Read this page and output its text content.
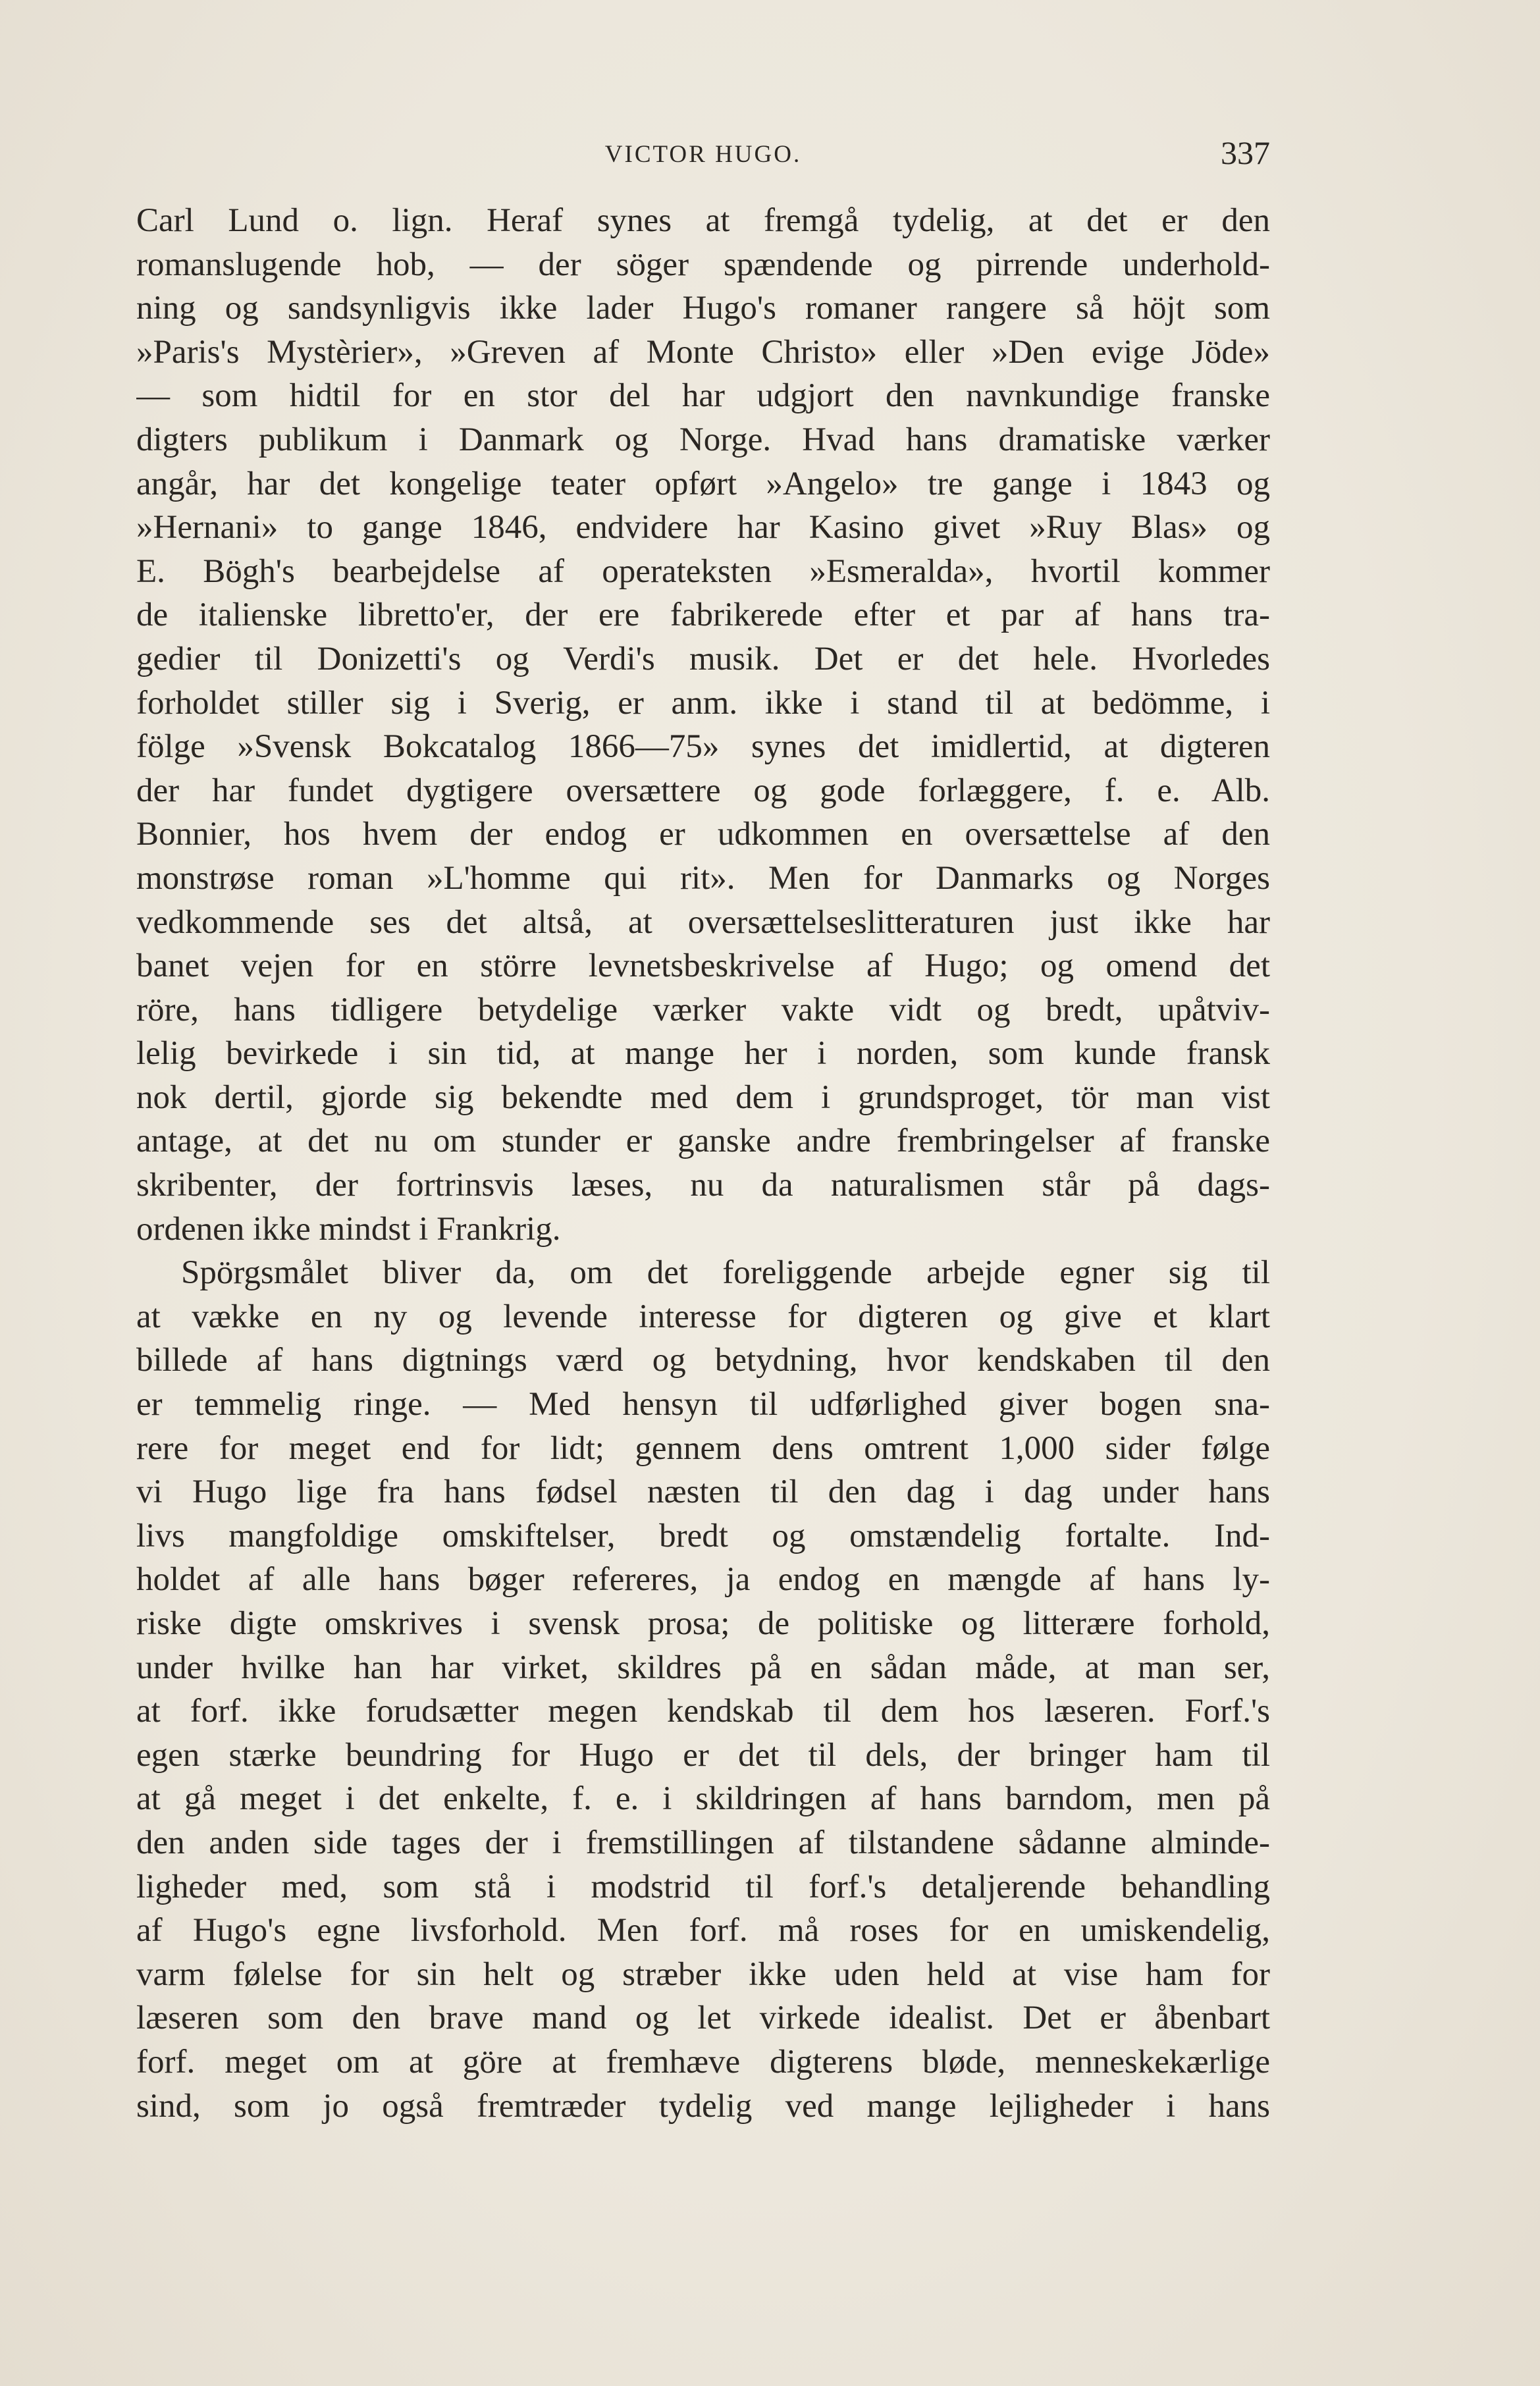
VICTOR HUGO.	337
Carl Lund o. lign. Heraf synes at fremgå tydelig, at det er den
romanslugende hob, — der söger spændende og pirrende underhold-
ning og sandsynligvis ikke lader Hugo's romaner rangere så höjt som
»Paris's Mystèrier», »Greven af Monte Christo» eller »Den evige Jöde»
— som hidtil for en stor del har udgjort den navnkundige franske
digters publikum i Danmark og Norge. Hvad hans dramatiske værker
angår, har det kongelige teater opført »Angelo» tre gange i 1843 og
»Hernani» to gange 1846, endvidere har Kasino givet »Ruy Blas» og
E. Bögh's bearbejdelse af operateksten »Esmeralda», hvortil kommer
de italienske libretto'er, der ere fabrikerede efter et par af hans tra-
gedier til Donizetti's og Verdi's musik. Det er det hele. Hvorledes
forholdet stiller sig i Sverig, er anm. ikke i stand til at bedömme, i
fölge »Svensk Bokcatalog 1866—75» synes det imidlertid, at digteren
der har fundet dygtigere oversættere og gode forlæggere, f. e. Alb.
Bonnier, hos hvem der endog er udkommen en oversættelse af den
monstrøse roman »L'homme qui rit». Men for Danmarks og Norges
vedkommende ses det altså, at oversættelseslitteraturen just ikke har
banet vejen for en större levnetsbeskrivelse af Hugo; og omend det
röre, hans tidligere betydelige værker vakte vidt og bredt, upåtviv-
lelig bevirkede i sin tid, at mange her i norden, som kunde fransk
nok dertil, gjorde sig bekendte med dem i grundsproget, tör man vist
antage, at det nu om stunder er ganske andre frembringelser af franske
skribenter, der fortrinsvis læses, nu da naturalismen står på dags-
ordenen ikke mindst i Frankrig.
Spörgsmålet bliver da, om det foreliggende arbejde egner sig til
at vække en ny og levende interesse for digteren og give et klart
billede af hans digtnings værd og betydning, hvor kendskaben til den
er temmelig ringe. — Med hensyn til udførlighed giver bogen sna-
rere for meget end for lidt; gennem dens omtrent 1,000 sider følge
vi Hugo lige fra hans fødsel næsten til den dag i dag under hans
livs mangfoldige omskiftelser, bredt og omstændelig fortalte. Ind-
holdet af alle hans bøger refereres, ja endog en mængde af hans ly-
riske digte omskrives i svensk prosa; de politiske og litterære forhold,
under hvilke han har virket, skildres på en sådan måde, at man ser,
at forf. ikke forudsætter megen kendskab til dem hos læseren. Forf.'s
egen stærke beundring for Hugo er det til dels, der bringer ham til
at gå meget i det enkelte, f. e. i skildringen af hans barndom, men på
den anden side tages der i fremstillingen af tilstandene sådanne alminde-
ligheder med, som stå i modstrid til forf.'s detaljerende behandling
af Hugo's egne livsforhold. Men forf. må roses for en umiskendelig,
varm følelse for sin helt og stræber ikke uden held at vise ham for
læseren som den brave mand og let virkede idealist. Det er åbenbart
forf. meget om at göre at fremhæve digterens bløde, menneskekærlige
sind, som jo også fremtræder tydelig ved mange lejligheder i hans
